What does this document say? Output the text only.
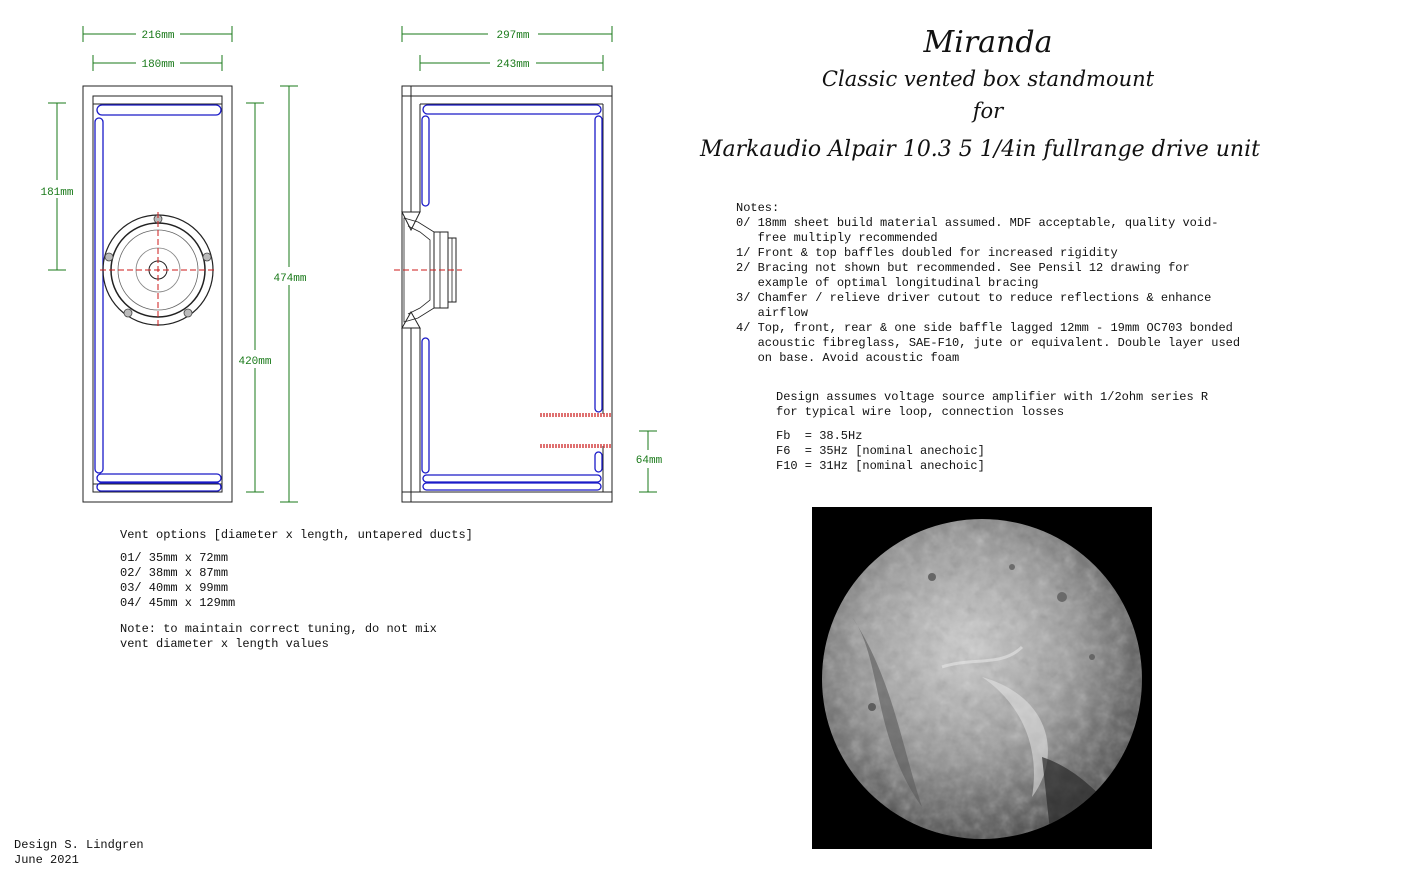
216mm
180mm
181mm
420mm
474mm
297mm
243mm
64mm
Miranda
Classic vented box standmount
for
Markaudio Alpair 10.3 5 1/4in fullrange drive unit
Notes:
0/ 18mm sheet build material assumed. MDF acceptable, quality void-
free multiply recommended
1/ Front & top baffles doubled for increased rigidity
2/ Bracing not shown but recommended. See Pensil 12 drawing for
example of optimal longitudinal bracing
3/ Chamfer / relieve driver cutout to reduce reflections & enhance
airflow
4/ Top, front, rear & one side baffle lagged 12mm - 19mm OC703 bonded
acoustic fibreglass, SAE-F10, jute or equivalent. Double layer used
on base. Avoid acoustic foam
Design assumes voltage source amplifier with 1/2ohm series R
for typical wire loop, connection losses
Fb  = 38.5Hz
F6  = 35Hz [nominal anechoic]
F10 = 31Hz [nominal anechoic]
Vent options [diameter x length, untapered ducts]
01/ 35mm x 72mm
02/ 38mm x 87mm
03/ 40mm x 99mm
04/ 45mm x 129mm
Note: to maintain correct tuning, do not mix
vent diameter x length values
Design S. Lindgren
June 2021
